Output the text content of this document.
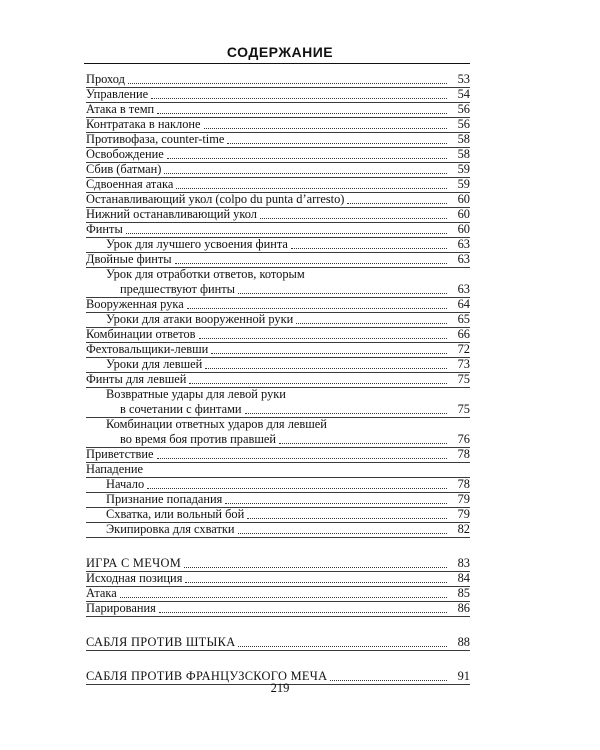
СОДЕРЖАНИЕ
Проход	53
Управление	54
Атака в темп	56
Контратака в наклоне	56
Противофаза, counter-time	58
Освобождение	58
Сбив (батман)	59
Сдвоенная атака	59
Останавливающий укол (colpo du punta d’arresto)	60
Нижний останавливающий укол	60
Финты	60
Урок для лучшего усвоения финта	63
Двойные финты	63
Урок для отработки ответов, которым
предшествуют финты	63
Вооруженная рука	64
Уроки для атаки вооруженной руки	65
Комбинации ответов	66
Фехтовальщики-левши	72
Уроки для левшей	73
Финты для левшей	75
Возвратные удары для левой руки
в сочетании с финтами	75
Комбинации ответных ударов для левшей
во время боя против правшей	76
Приветствие	78
Нападение
Начало	78
Признание попадания	79
Схватка, или вольный бой	79
Экипировка для схватки	82
ИГРА С МЕЧОМ	83
Исходная позиция	84
Атака	85
Парирования	86
САБЛЯ ПРОТИВ ШТЫКА	88
САБЛЯ ПРОТИВ ФРАНЦУЗСКОГО МЕЧА	91
219
